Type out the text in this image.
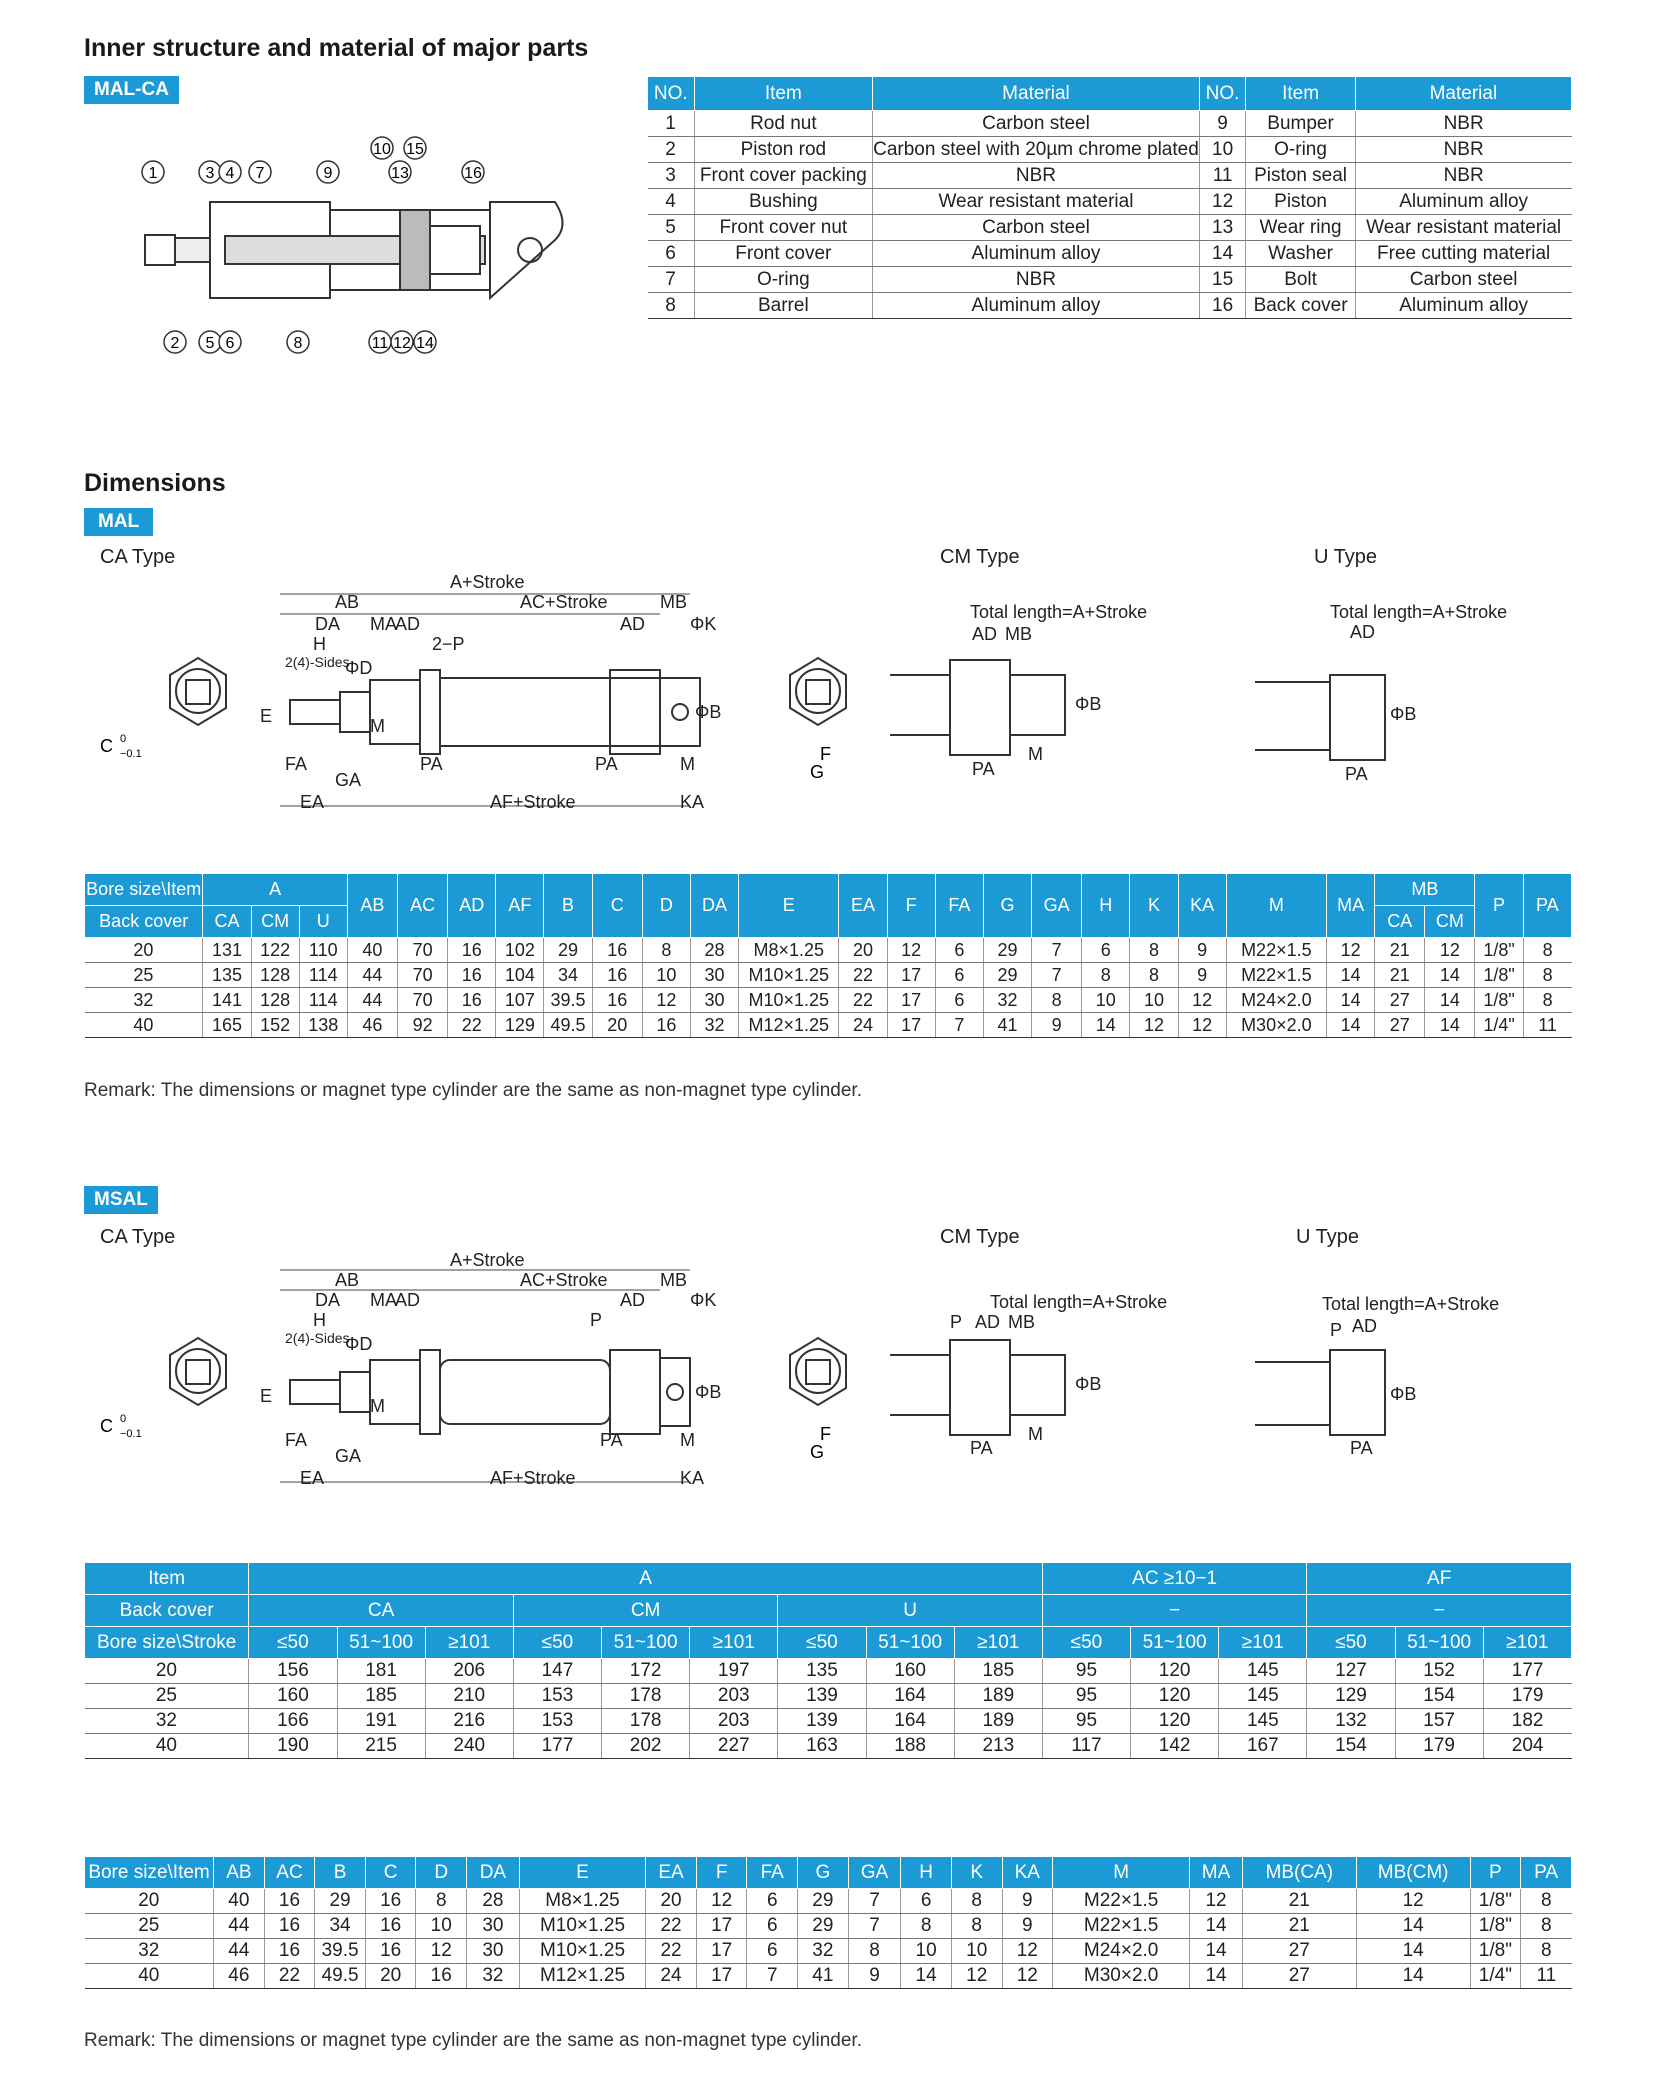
Inner structure and material of major parts
MAL-CA
1
2
3 4
5 6
7
8
9
10
11 12
13
14
15
16
NO.	Item	Material	NO.	Item	Material
1	Rod nut	Carbon steel	9	Bumper	NBR
2	Piston rod	Carbon steel with 20µm chrome plated	10	O-ring	NBR
3	Front cover packing	NBR	11	Piston seal	NBR
4	Bushing	Wear resistant material	12	Piston	Aluminum alloy
5	Front cover nut	Carbon steel	13	Wear ring	Wear resistant material
6	Front cover	Aluminum alloy	14	Washer	Free cutting material
7	O-ring	NBR	15	Bolt	Carbon steel
8	Barrel	Aluminum alloy	16	Back cover	Aluminum alloy
Dimensions
MAL
CA Type	CM Type	U Type
C 0
−0.1
A+Stroke
AC+Stroke
AB	MB
DA MA
AD	AD ΦK
H	2−P
2(4)-Sides
E	M
FA
GA
PA	PA	M
EA	AF+Stroke	KA
ΦB
ΦD
F
G
Total length=A+Stroke
AD MB
PA
M
ΦB
Total length=A+Stroke
AD
PA
ΦB
Bore size\Item	A			AB	AC	AD	AF	B	C	D	DA	E	EA	F	FA	G	GA	H	K	KA	M	MA	MB		P	PA
Back cover	CA	CM	U																				CA	CM		
20	131	122	110	40	70	16	102	29	16	8	28	M8×1.25	20	12	6	29	7	6	8	9	M22×1.5	12	21	12	1/8"	8
25	135	128	114	44	70	16	104	34	16	10	30	M10×1.25	22	17	6	29	7	8	8	9	M22×1.5	14	21	14	1/8"	8
32	141	128	114	44	70	16	107	39.5	16	12	30	M10×1.25	22	17	6	32	8	10	10	12	M24×2.0	14	27	14	1/8"	8
40	165	152	138	46	92	22	129	49.5	20	16	32	M12×1.25	24	17	7	41	9	14	12	12	M30×2.0	14	27	14	1/4"	11
Remark: The dimensions or magnet type cylinder are the same as non-magnet type cylinder.
MSAL
CA Type	CM Type	U Type
C 0
−0.1
A+Stroke
AC+Stroke
AB	MB
DA MA
AD	AD ΦK
H	P
2(4)-Sides
E	M
FA
GA
PA	M
EA	AF+Stroke	KA
ΦB
ΦD
F
G
Total length=A+Stroke
P AD MB
PA
M
ΦB
Total length=A+Stroke
P AD
PA
ΦB
Item	A									AC ≥10−1			AF		
Back cover	CA			CM			U			−			−		
Bore size\Stroke	≤50	51~100	≥101	≤50	51~100	≥101	≤50	51~100	≥101	≤50	51~100	≥101	≤50	51~100	≥101
20	156	181	206	147	172	197	135	160	185	95	120	145	127	152	177
25	160	185	210	153	178	203	139	164	189	95	120	145	129	154	179
32	166	191	216	153	178	203	139	164	189	95	120	145	132	157	182
40	190	215	240	177	202	227	163	188	213	117	142	167	154	179	204
Bore size\Item	AB	AC	B	C	D	DA	E	EA	F	FA	G	GA	H	K	KA	M	MA	MB(CA)	MB(CM)	P	PA
20	40	16	29	16	8	28	M8×1.25	20	12	6	29	7	6	8	9	M22×1.5	12	21	12	1/8"	8
25	44	16	34	16	10	30	M10×1.25	22	17	6	29	7	8	8	9	M22×1.5	14	21	14	1/8"	8
32	44	16	39.5	16	12	30	M10×1.25	22	17	6	32	8	10	10	12	M24×2.0	14	27	14	1/8"	8
40	46	22	49.5	20	16	32	M12×1.25	24	17	7	41	9	14	12	12	M30×2.0	14	27	14	1/4"	11
Remark: The dimensions or magnet type cylinder are the same as non-magnet type cylinder.
